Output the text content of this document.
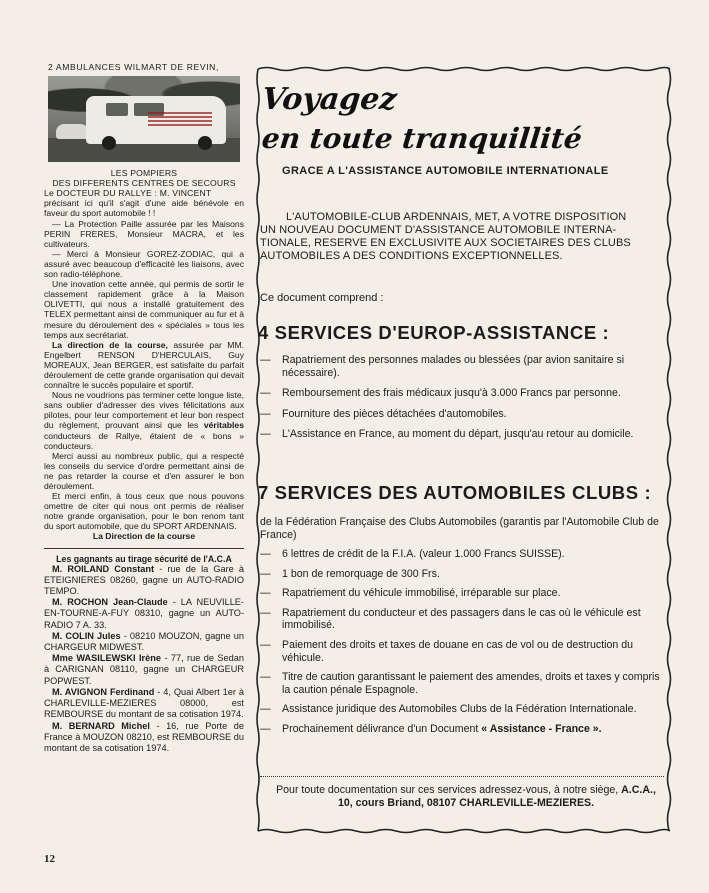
2 AMBULANCES WILMART DE REVIN,
LES POMPIERS
DES DIFFERENTS CENTRES DE SECOURS
Le DOCTEUR DU RALLYE : M. VINCENT
précisant ici qu'il s'agit d'une aide bénévole en faveur du sport automobile ! !
— La Protection Paille assurée par les Maisons PERIN FRERES, Monsieur MACRA, et les cultivateurs.
— Merci à Monsieur GOREZ-ZODIAC, qui a assuré avec beaucoup d'efficacité les liaisons, avec son radio-téléphone.
Une inovation cette année, qui permis de sortir le classement rapidement grâce à la Maison OLIVETTI, qui nous a installé gratuitement des TELEX permettant ainsi de communiquer au fur et à mesure du déroulement des « spéciales » tous les temps aux secrétariat.
La direction de la course, assurée par MM. Engelbert RENSON D'HERCULAIS, Guy MOREAUX, Jean BERGER, est satisfaite du parfait déroulement de cette grande organisation qui devait connaître le succès populaire et sportif.
Nous ne voudrions pas terminer cette longue liste, sans oublier d'adresser des vives félicitations aux pilotes, pour leur comportement et leur bon respect du règlement, prouvant ainsi que les véritables conducteurs de Rallye, étaient de « bons » conducteurs.
Merci aussi au nombreux public, qui a respecté les conseils du service d'ordre permettant ainsi de ne pas retarder la course et d'en assurer le bon déroulement.
Et merci enfin, à tous ceux que nous pouvons omettre de citer qui nous ont permis de réaliser notre grande organisation, pour le bon renom tant du sport automobile, que du SPORT ARDENNAIS.
La Direction de la course
Les gagnants au tirage sécurité de l'A.C.A
M. ROILAND Constant - rue de la Gare à ETEIGNIERES 08260, gagne un AUTO-RADIO TEMPO.
M. ROCHON Jean-Claude - LA NEUVILLE-EN-TOURNE-A-FUY 08310, gagne un AUTO-RADIO 7 A. 33.
M. COLIN Jules - 08210 MOUZON, gagne un CHARGEUR MIDWEST.
Mme WASILEWSKI Irène - 77, rue de Sedan à CARIGNAN 08110, gagne un CHARGEUR POPWEST.
M. AVIGNON Ferdinand - 4, Quai Albert 1er à CHARLEVILLE-MEZIERES 08000, est REMBOURSE du montant de sa cotisation 1974.
M. BERNARD Michel - 16, rue Porte de France à MOUZON 08210, est REMBOURSE du montant de sa cotisation 1974.
12
Voyagez
en toute tranquillité
GRACE A L'ASSISTANCE AUTOMOBILE INTERNATIONALE
L'AUTOMOBILE-CLUB ARDENNAIS, MET, A VOTRE DISPOSITION
UN NOUVEAU DOCUMENT D'ASSISTANCE AUTOMOBILE INTERNA-
TIONALE, RESERVE EN EXCLUSIVITE AUX SOCIETAIRES DES CLUBS
AUTOMOBILES A DES CONDITIONS EXCEPTIONNELLES.
Ce document comprend :
4 SERVICES D'EUROP-ASSISTANCE :
— Rapatriement des personnes malades ou blessées (par avion sanitaire si nécessaire).
— Remboursement des frais médicaux jusqu'à 3.000 Francs par personne.
— Fourniture des pièces détachées d'automobiles.
— L'Assistance en France, au moment du départ, jusqu'au retour au domicile.
7 SERVICES DES AUTOMOBILES CLUBS :
de la Fédération Française des Clubs Automobiles (garantis par l'Automobile Club de France)
— 6 lettres de crédit de la F.I.A. (valeur 1.000 Francs SUISSE).
— 1 bon de remorquage de 300 Frs.
— Rapatriement du véhicule immobilisé, irréparable sur place.
— Rapatriement du conducteur et des passagers dans le cas où le véhicule est immobilisé.
— Paiement des droits et taxes de douane en cas de vol ou de destruction du véhicule.
— Titre de caution garantissant le paiement des amendes, droits et taxes y compris la caution pénale Espagnole.
— Assistance juridique des Automobiles Clubs de la Fédération Internationale.
— Prochainement délivrance d'un Document « Assistance - France ».
Pour toute documentation sur ces services adressez-vous, à notre siège, A.C.A., 10, cours Briand, 08107 CHARLEVILLE-MEZIERES.
